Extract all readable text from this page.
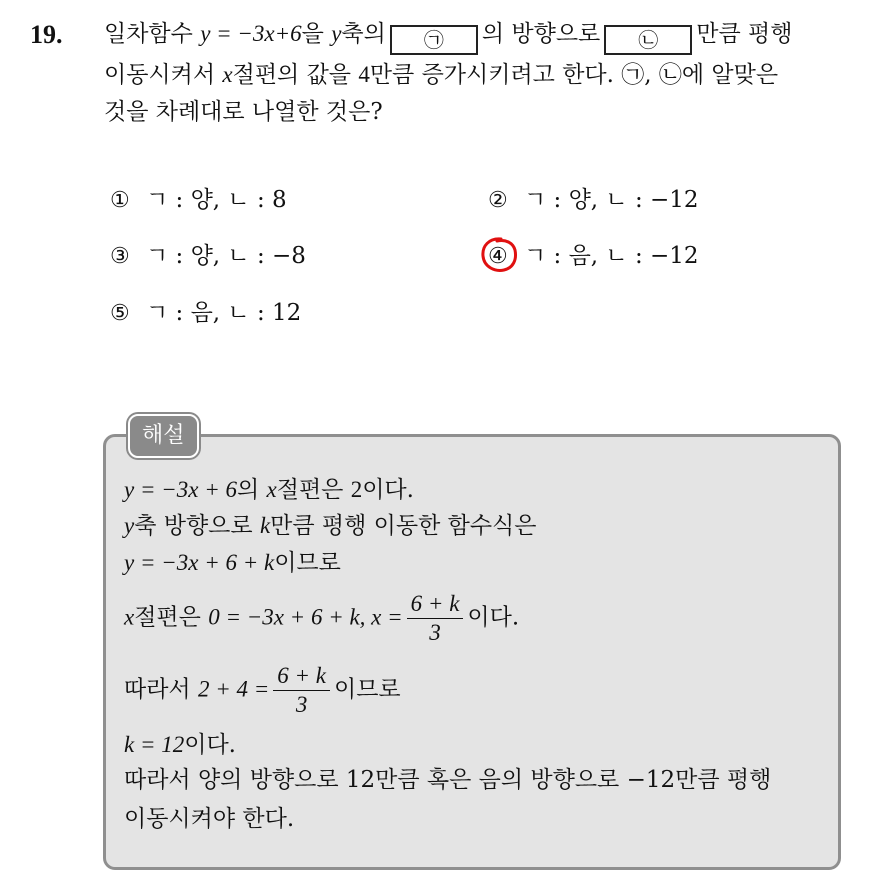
19. 일차함수 y = −3x+6을 y축의 ㉠ 의 방향으로 ㉡ 만큼 평행
이동시켜서 x절편의 값을 4만큼 증가시키려고 한다. ㉠, ㉡에 알맞은
것을 차례대로 나열한 것은?
① ㄱ : 양, ㄴ : 8	② ㄱ : 양, ㄴ : −12
③ ㄱ : 양, ㄴ : −8	④ ㄱ : 음, ㄴ : −12
⑤ ㄱ : 음, ㄴ : 12
해설
y = −3x + 6의 x절편은 2이다.
y축 방향으로 k만큼 평행 이동한 함수식은
y = −3x + 6 + k이므로
x절편은 0 = −3x + 6 + k, $x = \frac{6 + k}{3}$ 이다.
따라서 $2 + 4 = \frac{6 + k}{3}$ 이므로
k = 12이다.
따라서 양의 방향으로 12만큼 혹은 음의 방향으로 −12만큼 평행
이동시켜야 한다.
